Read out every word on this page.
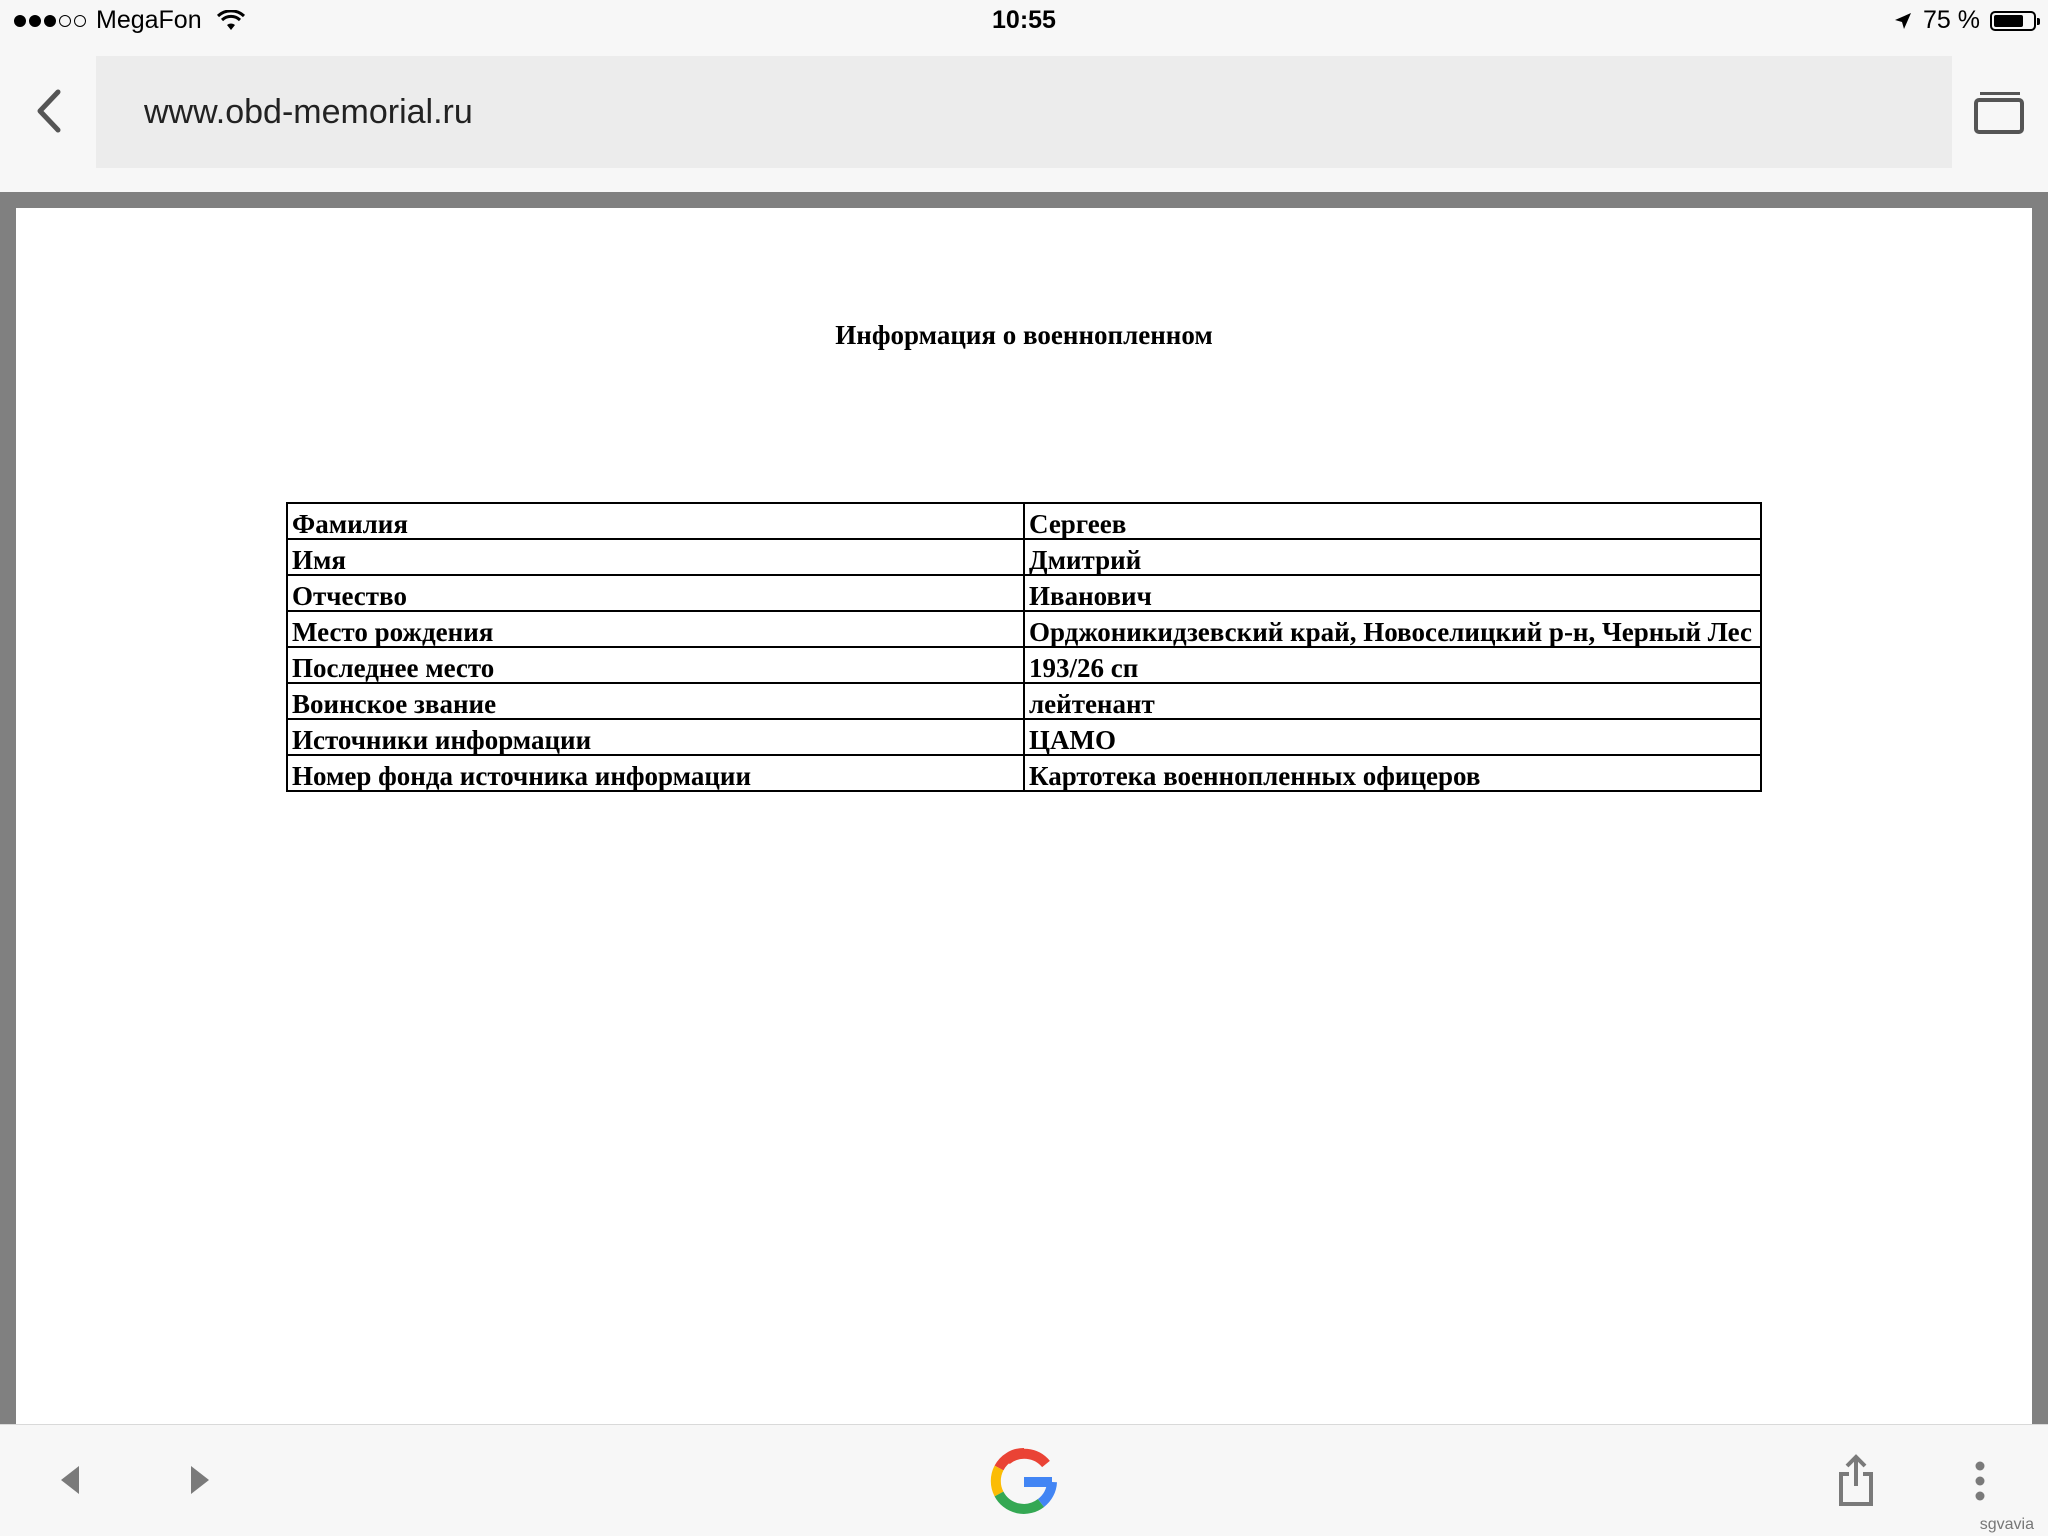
MegaFon	10:55	75 %
www.obd-memorial.ru
Информация о военнопленном
Фамилия	Сергеев
Имя	Дмитрий
Отчество	Иванович
Место рождения	Орджоникидзевский край, Новоселицкий р-н, Черный Лес
Последнее место	193/26 сп
Воинское звание	лейтенант
Источники информации	ЦАМО
Номер фонда источника информации	Картотека военнопленных офицеров
sgvavia
